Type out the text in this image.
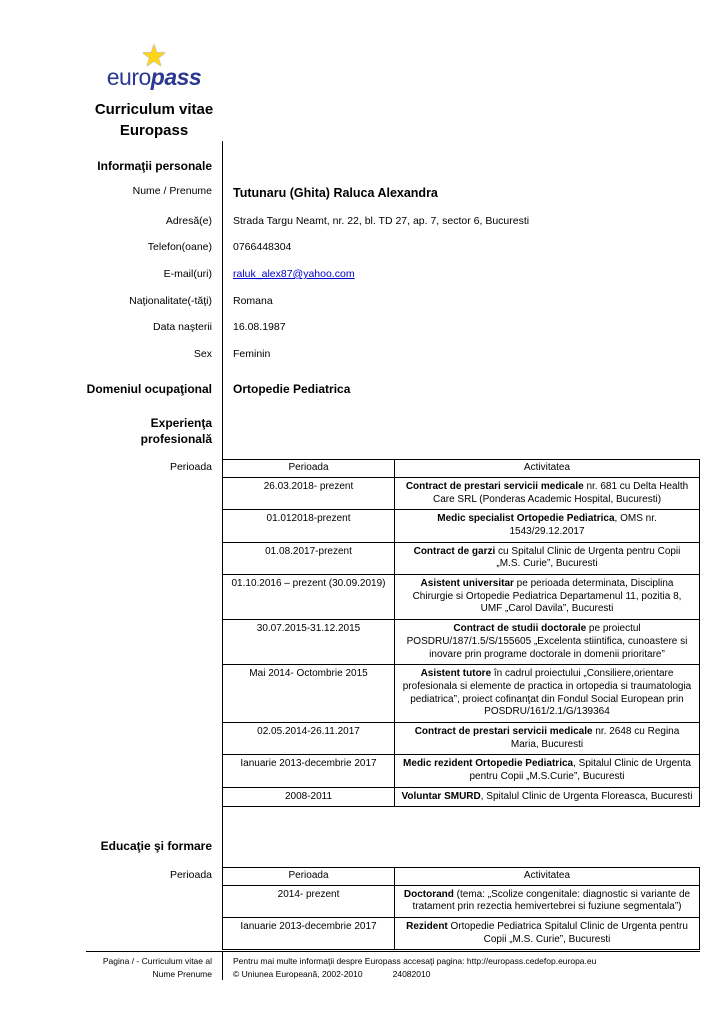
★
europass
Curriculum vitae
Europass
Informaţii personale
Nume / Prenume	Tutunaru (Ghita) Raluca Alexandra
Adresă(e)	Strada Targu Neamt, nr. 22, bl. TD 27, ap. 7, sector 6, Bucuresti
Telefon(oane)	0766448304
E-mail(uri)	raluk_alex87@yahoo.com
Naţionalitate(-tăţi)	Romana
Data naşterii	16.08.1987
Sex	Feminin
Domeniul ocupaţional	Ortopedie Pediatrica
Experienţa profesională
Perioada	Perioada	Activitatea
26.03.2018- prezent	Contract de prestari servicii medicale nr. 681 cu Delta Health Care SRL (Ponderas Academic Hospital, Bucuresti)
01.012018-prezent	Medic specialist Ortopedie Pediatrica, OMS nr. 1543/29.12.2017
01.08.2017-prezent	Contract de garzi cu Spitalul Clinic de Urgenta pentru Copii „M.S. Curie”, Bucuresti
01.10.2016 – prezent (30.09.2019)	Asistent universitar pe perioada determinata, Disciplina Chirurgie si Ortopedie Pediatrica Departamenul 11, pozitia 8, UMF „Carol Davila”, Bucuresti
30.07.2015-31.12.2015	Contract de studii doctorale pe proiectul POSDRU/187/1.5/S/155605 „Excelenta stiintifica, cunoastere si inovare prin programe doctorale in domenii prioritare”
Mai 2014- Octombrie 2015	Asistent tutore în cadrul proiectului „Consiliere,orientare profesionala si elemente de practica in ortopedia si traumatologia pediatrica”, proiect cofinanţat din Fondul Social European prin POSDRU/161/2.1/G/139364
02.05.2014-26.11.2017	Contract de prestari servicii medicale nr. 2648 cu Regina Maria, Bucuresti
Ianuarie 2013-decembrie 2017	Medic rezident Ortopedie Pediatrica, Spitalul Clinic de Urgenta pentru Copii „M.S.Curie”, Bucuresti
2008-2011	Voluntar SMURD, Spitalul Clinic de Urgenta Floreasca, Bucuresti
Educaţie şi formare
Perioada	Perioada	Activitatea
2014- prezent	Doctorand (tema: „Scolize congenitale: diagnostic si variante de tratament prin rezectia hemivertebrei si fuziune segmentala”)
Ianuarie 2013-decembrie 2017	Rezident Ortopedie Pediatrica Spitalul Clinic de Urgenta pentru Copii „M.S. Curie”, Bucuresti
Pagina / - Curriculum vitae al
Nume Prenume
Pentru mai multe informaţii despre Europass accesaţi pagina: http://europass.cedefop.europa.eu
© Uniunea Europeană, 2002-2010	24082010
